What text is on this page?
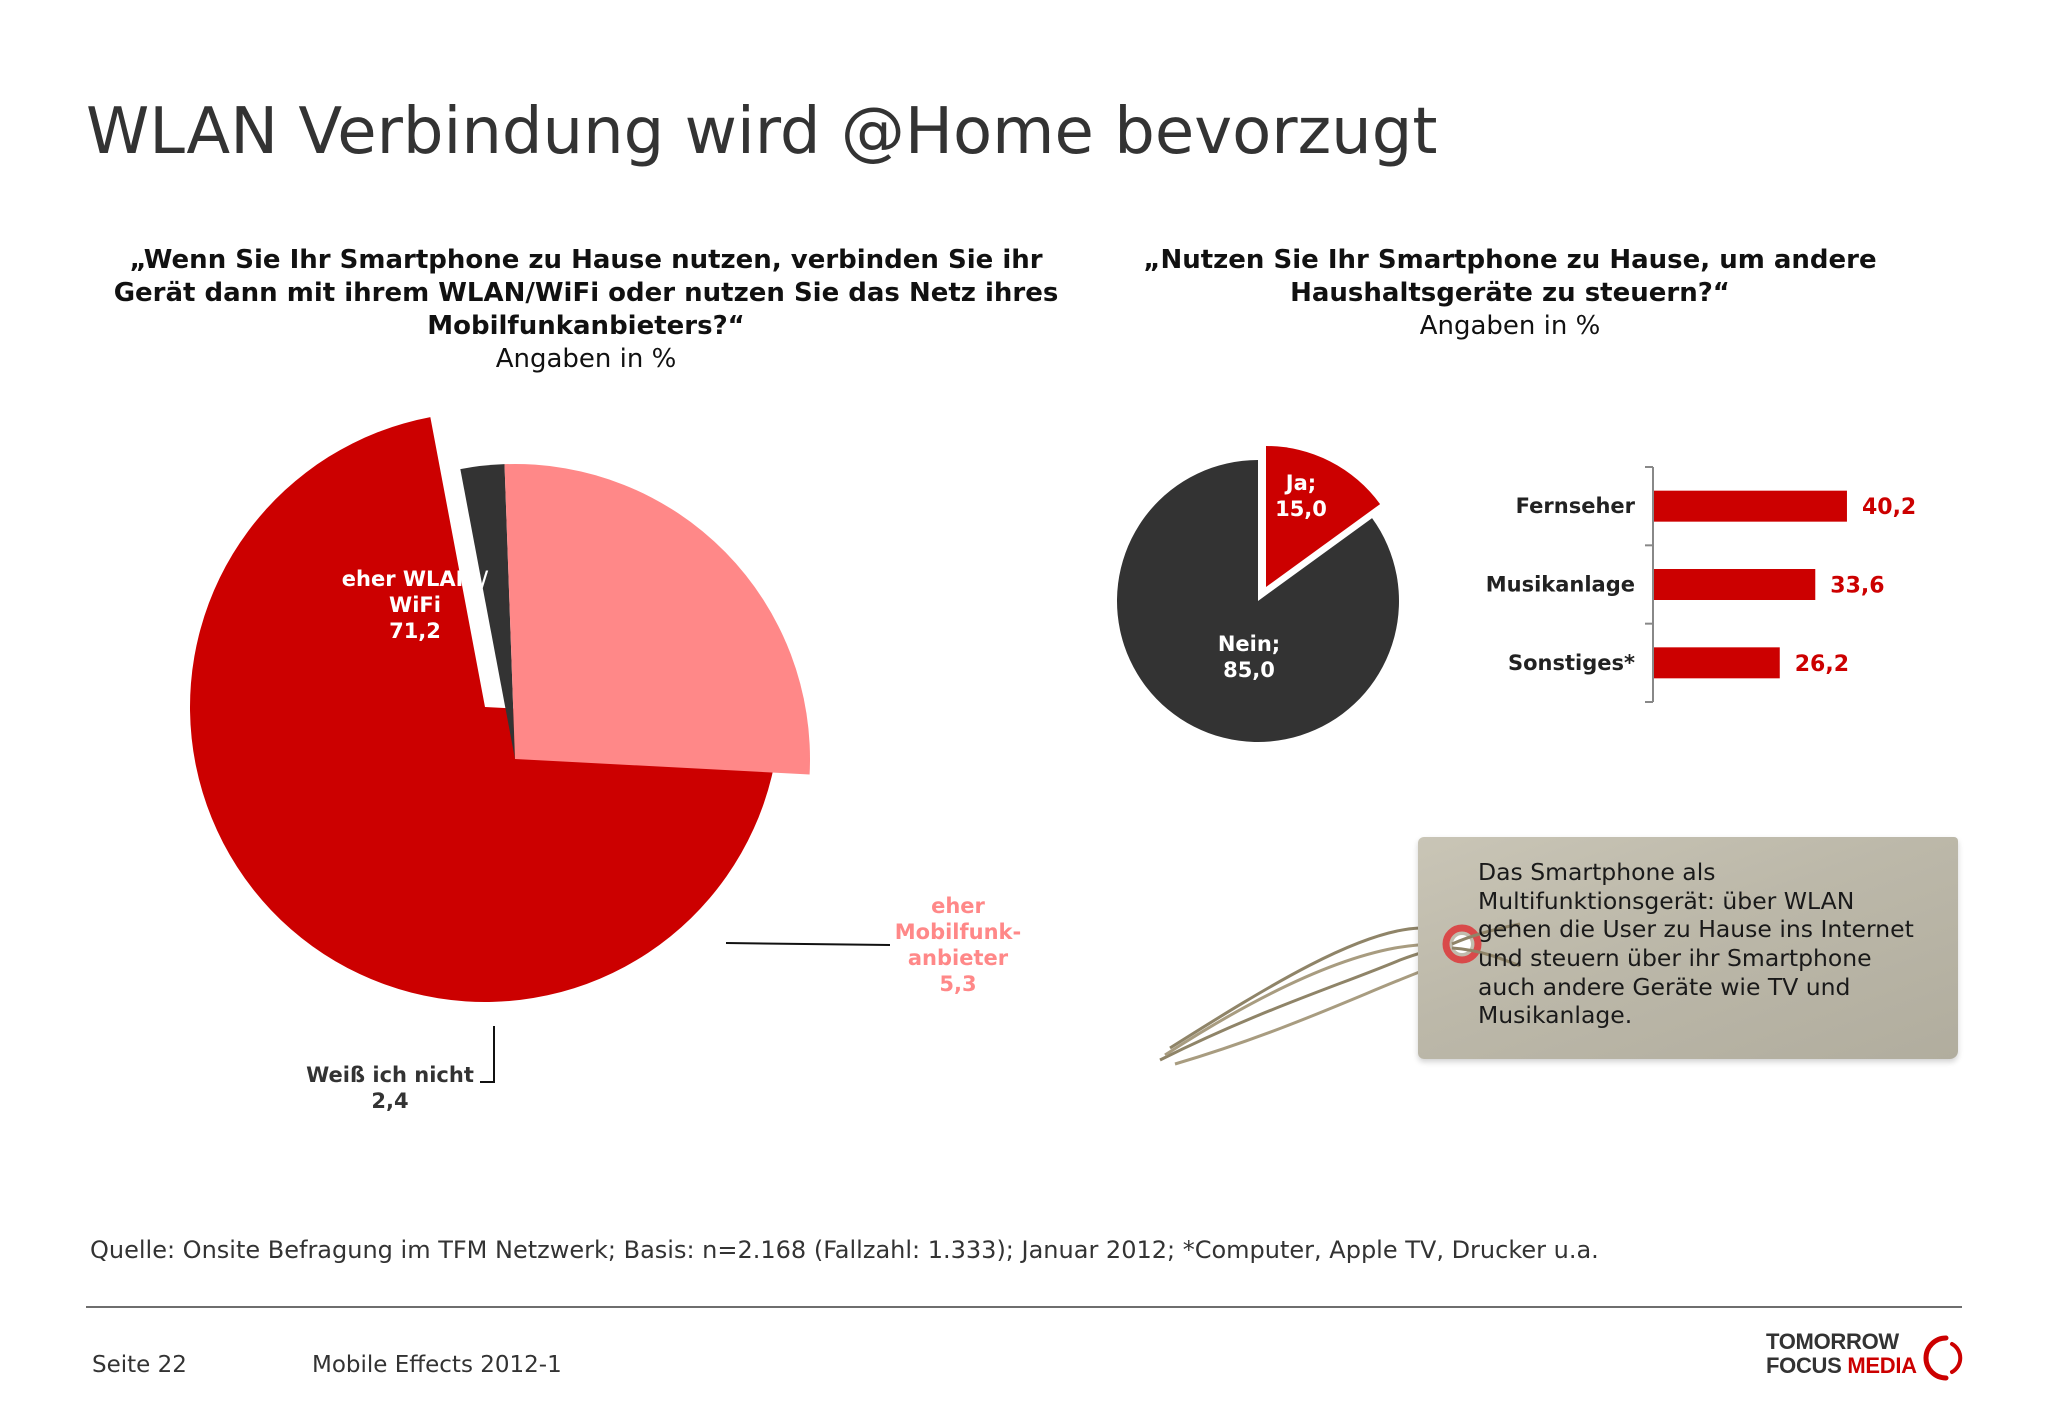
WLAN Verbindung wird @Home bevorzugt
„Wenn Sie Ihr Smartphone zu Hause nutzen, verbinden Sie ihr Gerät dann mit ihrem WLAN/WiFi oder nutzen Sie das Netz ihres Mobilfunkanbieters?“
Angaben in %
„Nutzen Sie Ihr Smartphone zu Hause, um andere Haushaltsgeräte zu steuern?“
Angaben in %
eher WLAN / WiFi 71,2
eher Mobilfunk-anbieter 5,3
Weiß ich nicht 2,4
Ja; 15,0
Nein; 85,0
Fernseher	40,2
Musikanlage	33,6
Sonstiges*	26,2
Das Smartphone als
Multifunktionsgerät: über WLAN
gehen die User zu Hause ins Internet
und steuern über ihr Smartphone
auch andere Geräte wie TV und
Musikanlage.
Quelle: Onsite Befragung im TFM Netzwerk; Basis: n=2.168 (Fallzahl: 1.333); Januar 2012; *Computer, Apple TV, Drucker u.a.
Seite 22	Mobile Effects 2012-1
TOMORROW
FOCUS MEDIA
